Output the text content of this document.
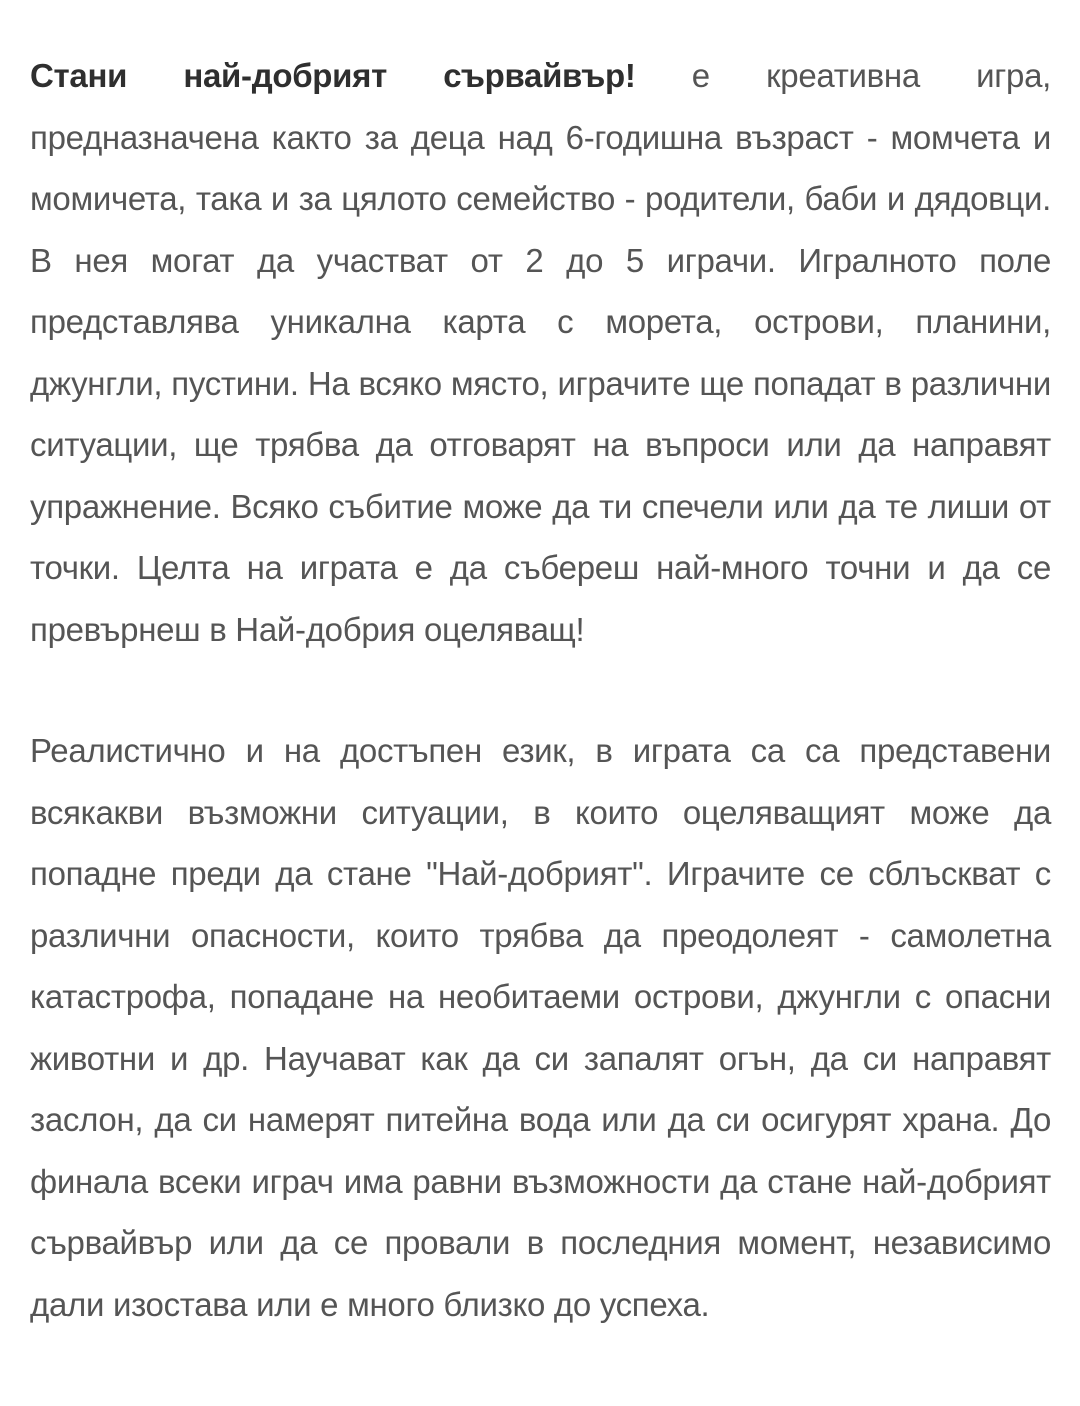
Стани най-добрият сървайвър! е креативна игра, предназначена както за деца над 6-годишна възраст - момчета и момичета, така и за цялото семейство - родители, баби и дядовци. В нея могат да участват от 2 до 5 играчи. Игралното поле представлява уникална карта с морета, острови, планини, джунгли, пустини. На всяко място, играчите ще попадат в различни ситуации, ще трябва да отговарят на въпроси или да направят упражнение. Всяко събитие може да ти спечели или да те лиши от точки. Целта на играта е да събереш най-много точни и да се превърнеш в Най-добрия оцеляващ!

Реалистично и на достъпен език, в играта са са представени всякакви възможни ситуации, в които оцеляващият може да попадне преди да стане "Най-добрият". Играчите се сблъскват с различни опасности, които трябва да преодолеят - самолетна катастрофа, попадане на необитаеми острови, джунгли с опасни животни и др. Научават как да си запалят огън, да си направят заслон, да си намерят питейна вода или да си осигурят храна. До финала всеки играч има равни възможности да стане най-добрият сървайвър или да се провали в последния момент, независимо дали изостава или е много близко до успеха.
